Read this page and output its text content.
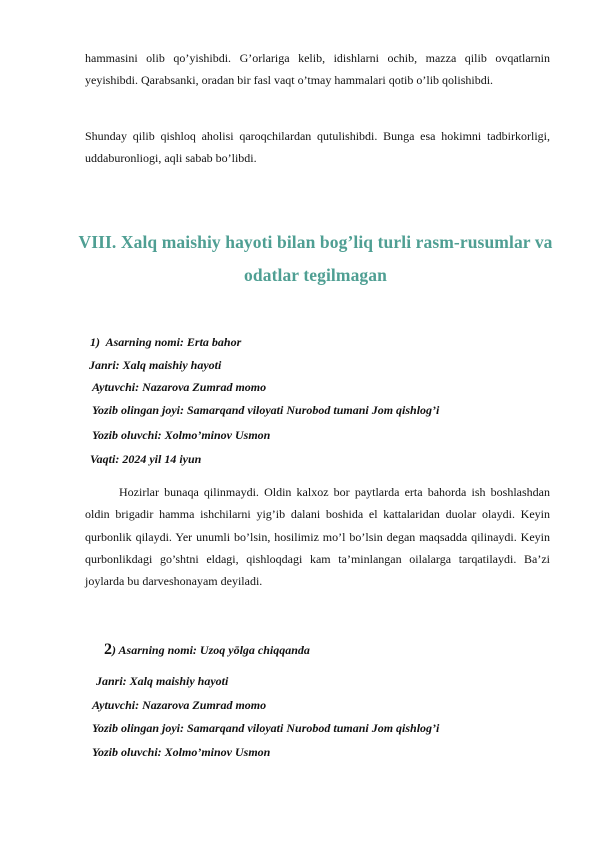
hammasini olib qo’yishibdi. G’orlariga kelib, idishlarni ochib, mazza qilib ovqatlarnin yeyishibdi. Qarabsanki, oradan bir fasl vaqt o’tmay hammalari qotib o’lib qolishibdi.
Shunday qilib qishloq aholisi qaroqchilardan qutulishibdi. Bunga esa hokimni tadbirkorligi, uddaburonliogi, aqli sabab bo’libdi.
VIII. Xalq maishiy hayoti bilan bog’liq turli rasm-rusumlar va odatlar tegilmagan
1) Asarning nomi: Erta bahor
Janri: Xalq maishiy hayoti
Aytuvchi: Nazarova Zumrad momo
Yozib olingan joyi: Samarqand viloyati Nurobod tumani Jom qishlog’i
Yozib oluvchi: Xolmo’minov Usmon
Vaqti: 2024 yil 14 iyun
Hozirlar bunaqa qilinmaydi. Oldin kalxoz bor paytlarda erta bahorda ish boshlashdan oldin brigadir hamma ishchilarni yig’ib dalani boshida el kattalaridan duolar olaydi. Keyin qurbonlik qilaydi. Yer unumli bo’lsin, hosilimiz mo’l bo’lsin degan maqsadda qilinaydi. Keyin qurbonlikdagi go’shtni eldagi, qishloqdagi kam ta’minlangan oilalarga tarqatilaydi. Ba’zi joylarda bu darveshonayam deyiladi.
2) Asarning nomi: Uzoq yōlga chiqqanda
Janri: Xalq maishiy hayoti
Aytuvchi: Nazarova Zumrad momo
Yozib olingan joyi: Samarqand viloyati Nurobod tumani Jom qishlog’i
Yozib oluvchi: Xolmo’minov Usmon
